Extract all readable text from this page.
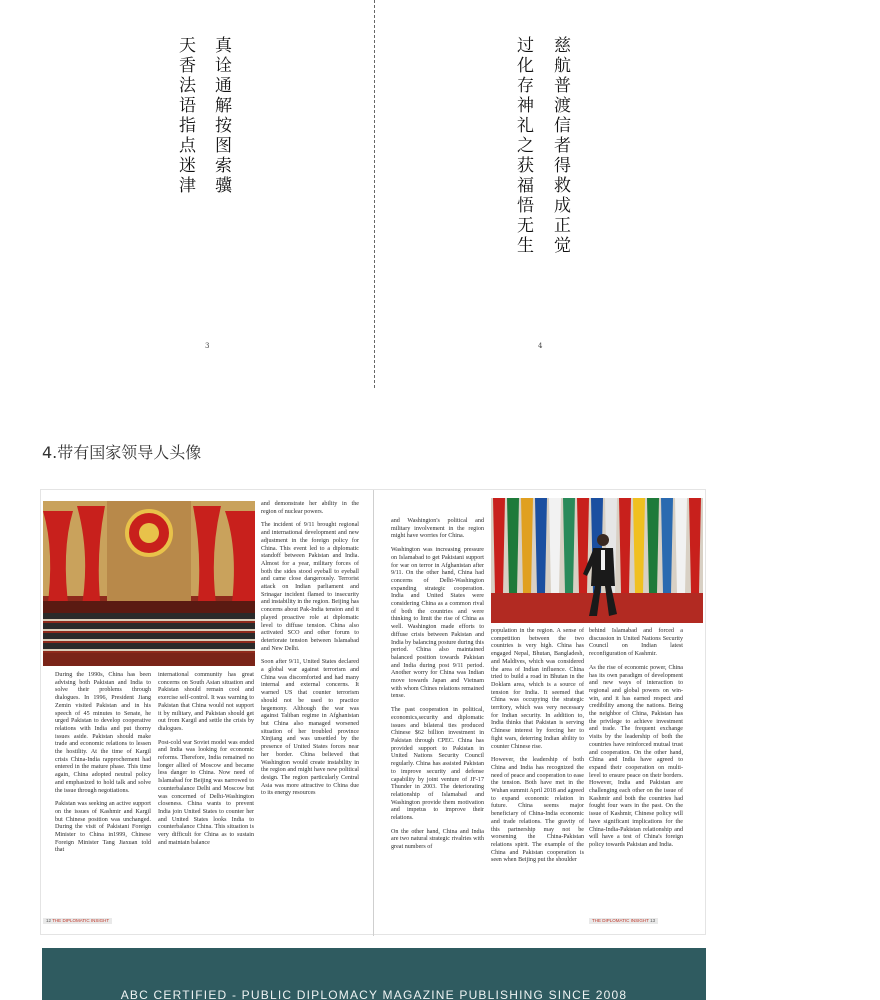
真诠通解按图索骥
天香法语指点迷津
3
慈航普渡信者得救成正觉
过化存神礼之获福悟无生
4
4.带有国家领导人头像

During the 1990s, China has been advising both Pakistan and India to solve their problems through dialogues. In 1996, President Jiang Zemin visited Pakistan and in his speech of 45 minutes to Senate, he urged Pakistan to develop cooperative relations with India and put thorny issues aside. Pakistan should make trade and economic relations to lessen the hostility. At the time of Kargil crisis China-India rapprochement had entered in the mature phase. This time again, China adopted neutral policy and emphasized to hold talk and solve the issue through negotiations.

Pakistan was seeking an active support on the issues of Kashmir and Kargil but Chinese position was unchanged. During the visit of Pakistani Foreign Minister to China in1999, Chinese Foreign Minister Tang Jiaxuan told that

international community has great concerns on South Asian situation and Pakistan should remain cool and exercise self-control. It was warning to Pakistan that China would not support it by military, and Pakistan should get out from Kargil and settle the crisis by dialogues.

Post-cold war Soviet model was ended and India was looking for economic reforms. Therefore, India remained no longer allied of Moscow and became less danger to China. Now need of Islamabad for Beijing was narrowed to counterbalance Delhi and Moscow but was concerned of Delhi-Washington closeness. China wants to prevent India join United States to counter her and United States looks India to counterbalance China. This situation is very difficult for China as to sustain and maintain balance

and demonstrate her ability in the region of nuclear powers.

The incident of 9/11 brought regional and international development and new adjustment in the foreign policy for China. This event led to a diplomatic standoff between Pakistan and India. Almost for a year, military forces of both the sides stood eyeball to eyeball and came close dangerously. Terrorist attack on Indian parliament and Srinagar incident flamed to insecurity and instability in the region. Beijing has concerns about Pak-India tension and it played proactive role at diplomatic level to diffuse tension. China also activated SCO and other forum to deteriorate tension between Islamabad and New Delhi.

Soon after 9/11, United States declared a global war against terrorism and China was discomforted and had many internal and external concerns. It warned US that counter terrorism should not be used to practice hegemony. Although the war was against Taliban regime in Afghanistan but China also managed worsened situation of her troubled province Xinjiang and was unsettled by the presence of United States forces near her border. China believed that Washington would create instability in the region and might have new political design. The region particularly Central Asia was more attractive to China due to its energy resources

12 THE DIPLOMATIC INSIGHT

and Washington's political and military involvement in the region might have worries for China.

Washington was increasing pressure on Islamabad to get Pakistani support for war on terror in Afghanistan after 9/11. On the other hand, China had concerns of Delhi-Washington expanding strategic cooperation. India and United States were considering China as a common rival of both the countries and were thinking to limit the rise of China as well. Washington made efforts to diffuse crisis between Pakistan and India by balancing posture during this period. China also maintained balanced position towards Pakistan and India during post 9/11 period. Another worry for China was Indian move towards Japan and Vietnam with whom Chines relations remained tense.

The past cooperation in political, economics,security and diplomatic issues and bilateral ties produced Chinese $62 billion investment in Pakistan through CPEC. China has provided support to Pakistan in United Nations Security Council regularly. China has assisted Pakistan to improve security and defense capability by joint venture of JF-17 Thunder in 2003. The deteriorating relationship of Islamabad and Washington provide them motivation and impetus to improve their relations.

On the other hand, China and India are two natural strategic rivalries with great numbers of

population in the region. A sense of competition between the two countries is very high. China has engaged Nepal, Bhutan, Bangladesh, and Maldives, which was considered the area of Indian influence. China tried to build a road in Bhutan in the Doklam area, which is a source of tension for India. It seemed that China was occupying the strategic territory, which was very necessary for Indian security. In addition to, India thinks that Pakistan is serving Chinese interest by forcing her to fight wars, deterring Indian ability to counter Chinese rise.

However, the leadership of both China and India has recognized the need of peace and cooperation to ease the tension. Both have met in the Wuhan summit April 2018 and agreed to expand economic relation in future. China seems major beneficiary of China-India economic and trade relations. The gravity of this partnership may not be worsening the China-Pakistan relations spirit. The example of the China and Pakistan cooperation is seen when Beijing put the shoulder

behind Islamabad and forced a discussion in United Nations Security Council on Indian latest reconfiguration of Kashmir.

As the rise of economic power, China has its own paradigm of development and new ways of interaction to regional and global powers on win-win, and it has earned respect and credibility among the nations. Being the neighbor of China, Pakistan has the privilege to achieve investment and trade. The frequent exchange visits by the leadership of both the countries have reinforced mutual trust and cooperation. On the other hand, China and India have agreed to expand their cooperation on multi-level to ensure peace on their borders. However, India and Pakistan are challenging each other on the issue of Kashmir and both the countries had fought four wars in the past. On the issue of Kashmir, Chinese policy will have significant implications for the China-India-Pakistan relationship and will have a test of China's foreign policy towards Pakistan and India.

THE DIPLOMATIC INSIGHT 13
ABC CERTIFIED - PUBLIC DIPLOMACY MAGAZINE PUBLISHING SINCE 2008
